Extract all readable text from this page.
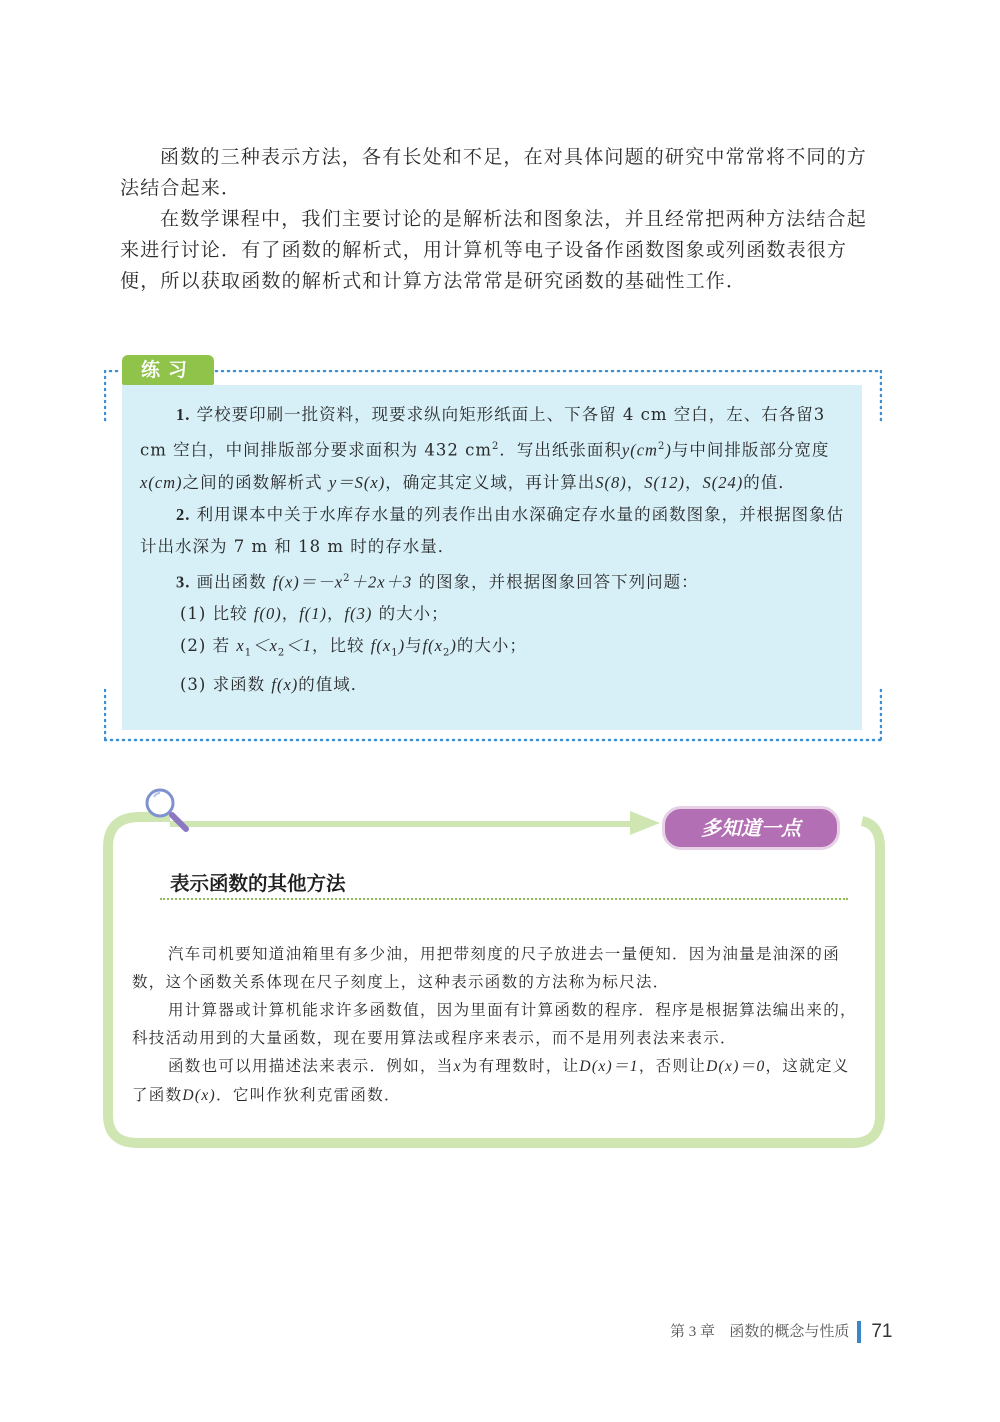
函数的三种表示方法，各有长处和不足，在对具体问题的研究中常常将不同的方法结合起来．

在数学课程中，我们主要讨论的是解析法和图象法，并且经常把两种方法结合起来进行讨论．有了函数的解析式，用计算机等电子设备作函数图象或列函数表很方便，所以获取函数的解析式和计算方法常常是研究函数的基础性工作．

练习

1. 学校要印刷一批资料，现要求纵向矩形纸面上、下各留 4 cm 空白，左、右各留3 cm 空白，中间排版部分要求面积为 432 $cm^2$．写出纸张面积$y(cm^2)$与中间排版部分宽度 x(cm)之间的函数解析式 y＝S(x)，确定其定义域，再计算出S(8)，S(12)，S(24)的值．

2. 利用课本中关于水库存水量的列表作出由水深确定存水量的函数图象，并根据图象估计出水深为 7 m 和 18 m 时的存水量．

3. 画出函数 $f(x)=-x^2+2x+3$ 的图象，并根据图象回答下列问题：

(1) 比较 f(0)，f(1)，f(3) 的大小；

(2) 若 $x_1<x_2<1$，比较 $f(x_1)$与$f(x_2)$的大小；

(3) 求函数 f(x)的值域．

多知道一点
表示函数的其他方法

汽车司机要知道油箱里有多少油，用把带刻度的尺子放进去一量便知．因为油量是油深的函数，这个函数关系体现在尺子刻度上，这种表示函数的方法称为标尺法．

用计算器或计算机能求许多函数值，因为里面有计算函数的程序．程序是根据算法编出来的，科技活动用到的大量函数，现在要用算法或程序来表示，而不是用列表法来表示．

函数也可以用描述法来表示．例如，当x为有理数时，让D(x)＝1，否则让D(x)＝0，这就定义了函数D(x)．它叫作狄利克雷函数．

第 3 章 函数的概念与性质 71
